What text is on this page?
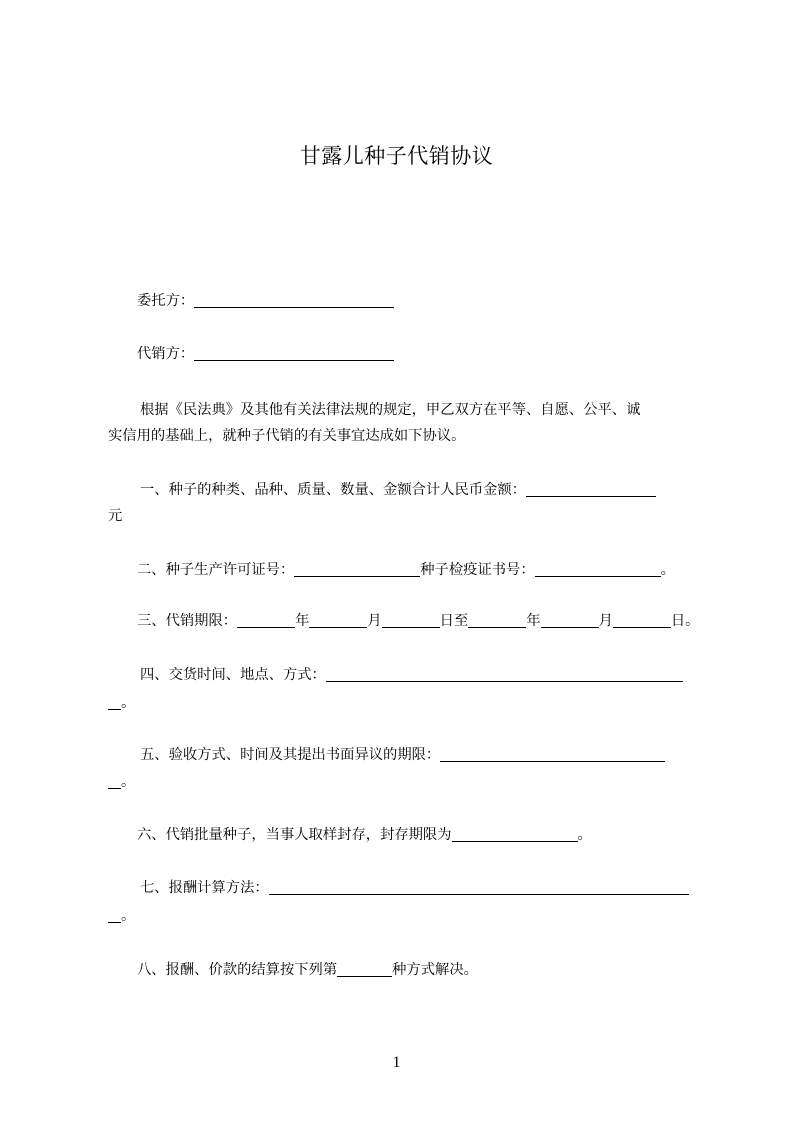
甘露儿种子代销协议
委托方：
代销方：
根据《民法典》及其他有关法律法规的规定，甲乙双方在平等、自愿、公平、诚
实信用的基础上，就种子代销的有关事宜达成如下协议。
一、种子的种类、品种、质量、数量、金额合计人民币金额：
元
二、种子生产许可证号：	种子检疫证书号：	。
三、代销期限：	年	月	日至	年	月	日。
四、交货时间、地点、方式：
。
五、验收方式、时间及其提出书面异议的期限：
。
六、代销批量种子，当事人取样封存，封存期限为	。
七、报酬计算方法：
。
八、报酬、价款的结算按下列第	种方式解决。
1
